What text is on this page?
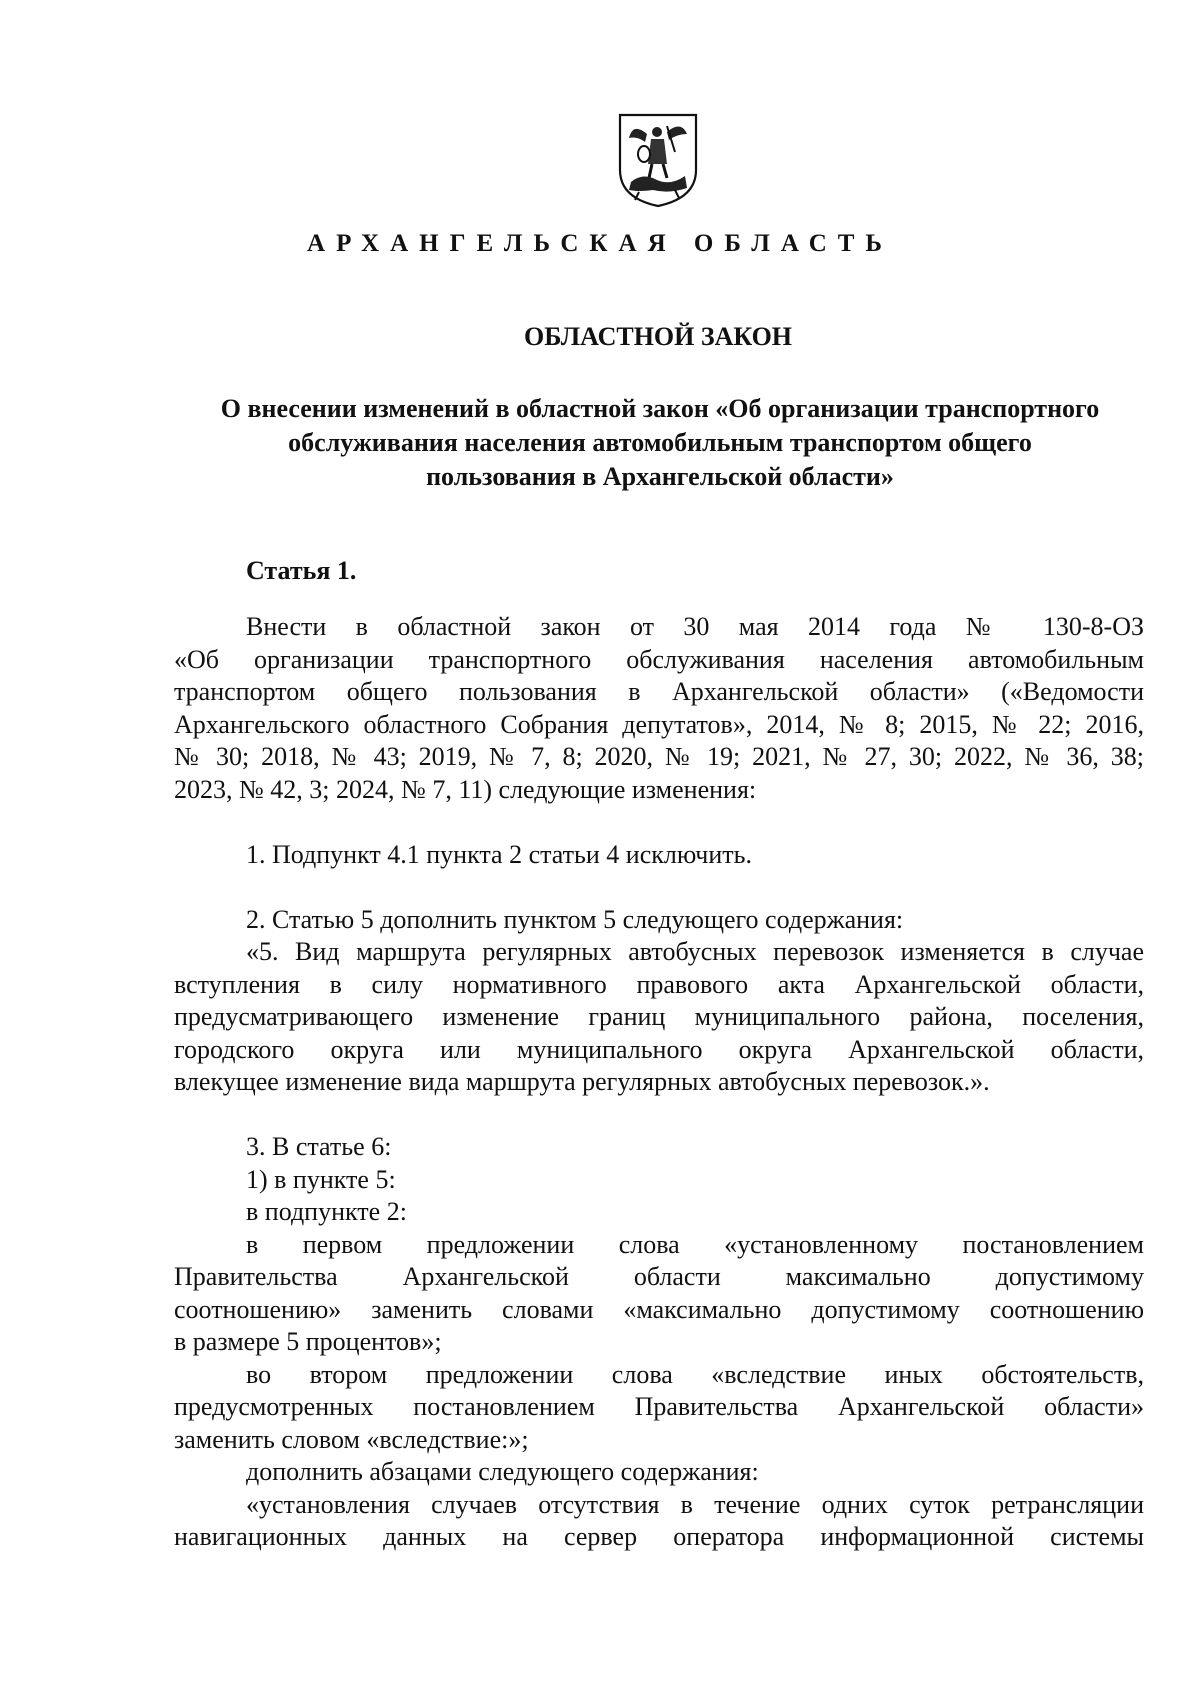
АРХАНГЕЛЬСКАЯ ОБЛАСТЬ
ОБЛАСТНОЙ ЗАКОН
О внесении изменений в областной закон «Об организации транспортного
обслуживания населения автомобильным транспортом общего
пользования в Архангельской области»
Статья 1.
Внести в областной закон от 30 мая 2014 года № 130-8-ОЗ
«Об организации транспортного обслуживания населения автомобильным
транспортом общего пользования в Архангельской области» («Ведомости
Архангельского областного Собрания депутатов», 2014, № 8; 2015, № 22; 2016,
№ 30; 2018, № 43; 2019, № 7, 8; 2020, № 19; 2021, № 27, 30; 2022, № 36, 38;
2023, № 42, 3; 2024, № 7, 11) следующие изменения:
1. Подпункт 4.1 пункта 2 статьи 4 исключить.
2. Статью 5 дополнить пунктом 5 следующего содержания:
«5. Вид маршрута регулярных автобусных перевозок изменяется в случае
вступления в силу нормативного правового акта Архангельской области,
предусматривающего изменение границ муниципального района, поселения,
городского округа или муниципального округа Архангельской области,
влекущее изменение вида маршрута регулярных автобусных перевозок.».
3. В статье 6:
1) в пункте 5:
в подпункте 2:
в первом предложении слова «установленному постановлением
Правительства Архангельской области максимально допустимому
соотношению» заменить словами «максимально допустимому соотношению
в размере 5 процентов»;
во втором предложении слова «вследствие иных обстоятельств,
предусмотренных постановлением Правительства Архангельской области»
заменить словом «вследствие:»;
дополнить абзацами следующего содержания:
«установления случаев отсутствия в течение одних суток ретрансляции
навигационных данных на сервер оператора информационной системы
